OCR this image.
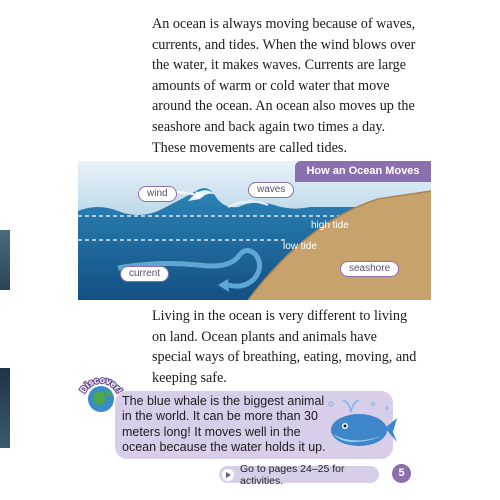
An ocean is always moving because of waves, currents, and tides. When the wind blows over the water, it makes waves. Currents are large amounts of warm or cold water that move around the ocean. An ocean also moves up the seashore and back again two times a day. These movements are called tides.

How an Ocean Moves
wind	waves
high tide
low tide
current	seashore

Living in the ocean is very different to living on land. Ocean plants and animals have special ways of breathing, eating, moving, and keeping safe.

Discover!

The blue whale is the biggest animal in the world. It can be more than 30 meters long! It moves well in the ocean because the water holds it up.

Go to pages 24–25 for activities.
5
